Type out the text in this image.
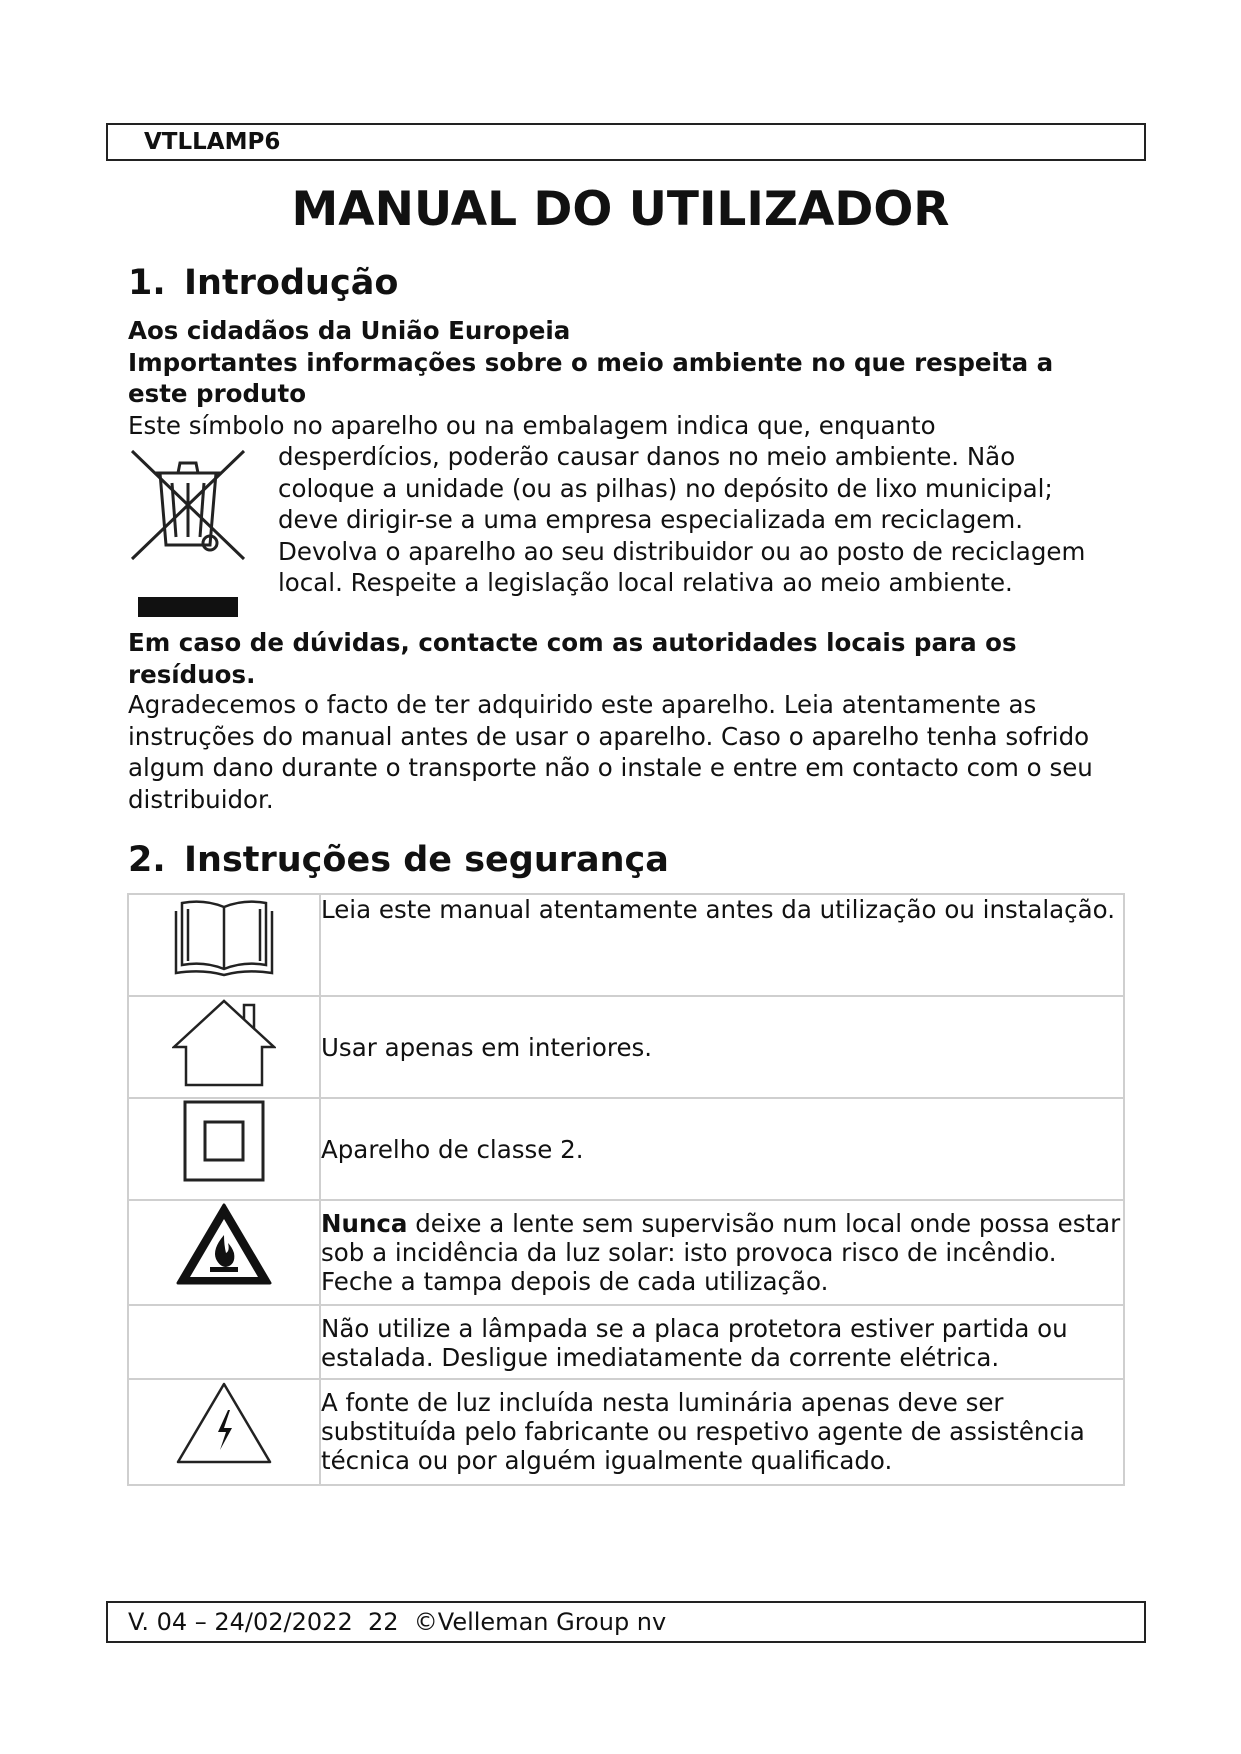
VTLLAMP6
MANUAL DO UTILIZADOR
1. Introdução
Aos cidadãos da União Europeia
Importantes informações sobre o meio ambiente no que respeita a este produto

Este símbolo no aparelho ou na embalagem indica que, enquanto

desperdícios, poderão causar danos no meio ambiente. Não coloque a unidade (ou as pilhas) no depósito de lixo municipal; deve dirigir-se a uma empresa especializada em reciclagem. Devolva o aparelho ao seu distribuidor ou ao posto de reciclagem local. Respeite a legislação local relativa ao meio ambiente.

Em caso de dúvidas, contacte com as autoridades locais para os resíduos.

Agradecemos o facto de ter adquirido este aparelho. Leia atentamente as instruções do manual antes de usar o aparelho. Caso o aparelho tenha sofrido algum dano durante o transporte não o instale e entre em contacto com o seu distribuidor.

2. Instruções de segurança
	Leia este manual atentamente antes da utilização ou instalação.

	Usar apenas em interiores.

	Aparelho de classe 2.

	Nunca deixe a lente sem supervisão num local onde possa estar sob a incidência da luz solar: isto provoca risco de incêndio. Feche a tampa depois de cada utilização.
	Não utilize a lâmpada se a placa protetora estiver partida ou estalada. Desligue imediatamente da corrente elétrica.

	A fonte de luz incluída nesta luminária apenas deve ser substituída pelo fabricante ou respetivo agente de assistência técnica ou por alguém igualmente qualificado.
V. 04 – 24/02/2022  22  ©Velleman Group nv
